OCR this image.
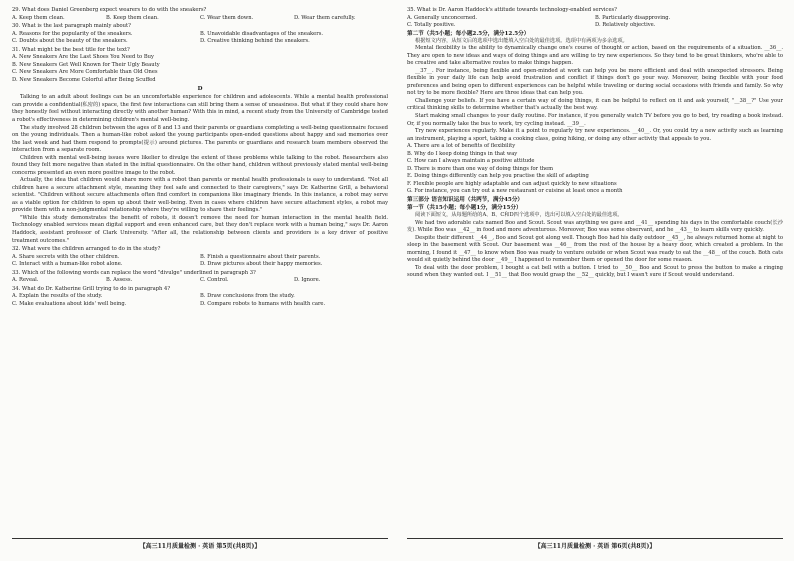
29. What does Daniel Greenberg expect wearers to do with the sneakers?
A. Keep them clean.	B. Keep them clean.	C. Wear them down.	D. Wear them carefully.
30. What is the last paragraph mainly about?
A. Reasons for the popularity of the sneakers.	B. Unavoidable disadvantages of the sneakers.
C. Doubts about the beauty of the sneakers.	D. Creative thinking behind the sneakers.
31. What might be the best title for the text?
A. New Sneakers Are the Last Shoes You Need to Buy
B. New Sneakers Get Well Known for Their Ugly Beauty
C. New Sneakers Are More Comfortable than Old Ones
D. New Sneakers Become Colorful after Being Scuffed
D

Talking to an adult about feelings can be an uncomfortable experience for children and adolescents. While a mental health professional can provide a confidential(私密的) space, the first few interactions can still bring them a sense of uneasiness. But what if they could share how they honestly feel without interacting directly with another human? With this in mind, a recent study from the University of Cambridge tested a robot's effectiveness in determining children's mental well-being.

The study involved 28 children between the ages of 8 and 13 and their parents or guardians completing a well-being questionnaire focused on the young individuals. Then a human-like robot asked the young participants open-ended questions about happy and sad memories over the last week and had them respond to prompts(提示) around pictures. The parents or guardians and research team members observed the interaction from a separate room.

Children with mental well-being issues were likelier to divulge the extent of these problems while talking to the robot. Researchers also found they felt more negative than stated in the initial questionnaire. On the other hand, children without previously stated mental well-being concerns presented an even more positive image to the robot.

Actually, the idea that children would share more with a robot than parents or mental health professionals is easy to understand. "Not all children have a secure attachment style, meaning they feel safe and connected to their caregivers," says Dr. Katherine Grill, a behavioral scientist. "Children without secure attachments often find comfort in companions like imaginary friends. In this instance, a robot may serve as a viable option for children to open up about their well-being. Even in cases where children have secure attachment styles, a robot may provide them with a non-judgmental relationship where they're willing to share their feelings."

"While this study demonstrates the benefit of robots, it doesn't remove the need for human interaction in the mental health field. Technology enabled services mean digital support and even enhanced care, but they don't replace work with a human being," says Dr. Aaron Haddock, assistant professor of Clark University. "After all, the relationship between clients and providers is a key driver of positive treatment outcomes."

32. What were the children arranged to do in the study?
A. Share secrets with the other children.	B. Finish a questionnaire about their parents.
C. Interact with a human-like robot alone.	D. Draw pictures about their happy memories.
33. Which of the following words can replace the word "divulge" underlined in paragraph 3?
A. Reveal.	B. Assess.	C. Control.	D. Ignore.
34. What do Dr. Katherine Grill trying to do in paragraph 4?
A. Explain the results of the study.	B. Draw conclusions from the study.
C. Make evaluations about kids' well being.	D. Compare robots to humans with health care.
35. What is Dr. Aaron Haddock's attitude towards technology-enabled services?
A. Generally unconcerned.	B. Particularly disapproving.
C. Totally positive.	D. Relatively objective.
第二节（共5小题；每小题2.5分，满分12.5分）
根据短文内容，从短文后的选项中选出能填入空白处的最佳选项。选项中有两项为多余选项。

Mental flexibility is the ability to dynamically change one's course of thought or action, based on the requirements of a situation. __36__. They are open to new ideas and ways of doing things and are willing to try new experiences. So they tend to be great thinkers, who're able to be creative and take alternative routes to make things happen.

__37__. For instance, being flexible and open-minded at work can help you be more efficient and deal with unexpected stressors. Being flexible in your daily life can help avoid frustration and conflict if things don't go your way. Moreover, being flexible with your food preferences and being open to different experiences can be helpful while traveling or during social occasions with friends and family. So why not try to be more flexible? Here are three ideas that can help you.

Challenge your beliefs. If you have a certain way of doing things, it can be helpful to reflect on it and ask yourself, "__38__?" Use your critical thinking skills to determine whether that's actually the best way.

Start making small changes to your daily routine. For instance, if you generally watch TV before you go to bed, try reading a book instead. Or, if you normally take the bus to work, try cycling instead. __39__.

Try new experiences regularly. Make it a point to regularly try new experiences. __40__. Or, you could try a new activity such as learning an instrument, playing a sport, taking a cooking class, going hiking, or doing any other activity that appeals to you.

A. There are a lot of benefits of flexibility
B. Why do I keep doing things in that way
C. How can I always maintain a positive attitude
D. There is more than one way of doing things for them
E. Doing things differently can help you practise the skill of adapting
F. Flexible people are highly adaptable and can adjust quickly to new situations
G. For instance, you can try out a new restaurant or cuisine at least once a month
第三部分 语言知识运用（共两节，满分45分）
第一节（共15小题；每小题1分，满分15分）
阅读下面短文，从每题所给的A、B、C和D四个选项中，选出可以填入空白处的最佳选项。

We had two adorable cats named Boo and Scout. Scout was anything we gave and __41__ spending his days in the comfortable couch(长沙发). While Boo was __42__ in food and more adventurous. Moreover, Boo was some observant, and he __43__ to learn skills very quickly.

Despite their different __44__, Boo and Scout got along well. Though Boo had his daily outdoor __45__, he always returned home at night to sleep in the basement with Scout. Our basement was __46__ from the rest of the house by a heavy door, which created a problem. In the morning, I found it __47__ to know when Boo was ready to venture outside or when Scout was ready to eat the __48__ of the couch. Both cats would sit quietly behind the door __49__ I happened to remember them or opened the door for some reason.

To deal with the door problem, I bought a cat bell with a button. I tried to __50__ Boo and Scout to press the button to make a ringing sound when they wanted out. I __51__ that Boo would grasp the __52__ quickly, but I wasn't sure if Scout would understand.

【高三11月质量检测 · 英语 第5页(共8页)】	【高三11月质量检测 · 英语 第6页(共8页)】
